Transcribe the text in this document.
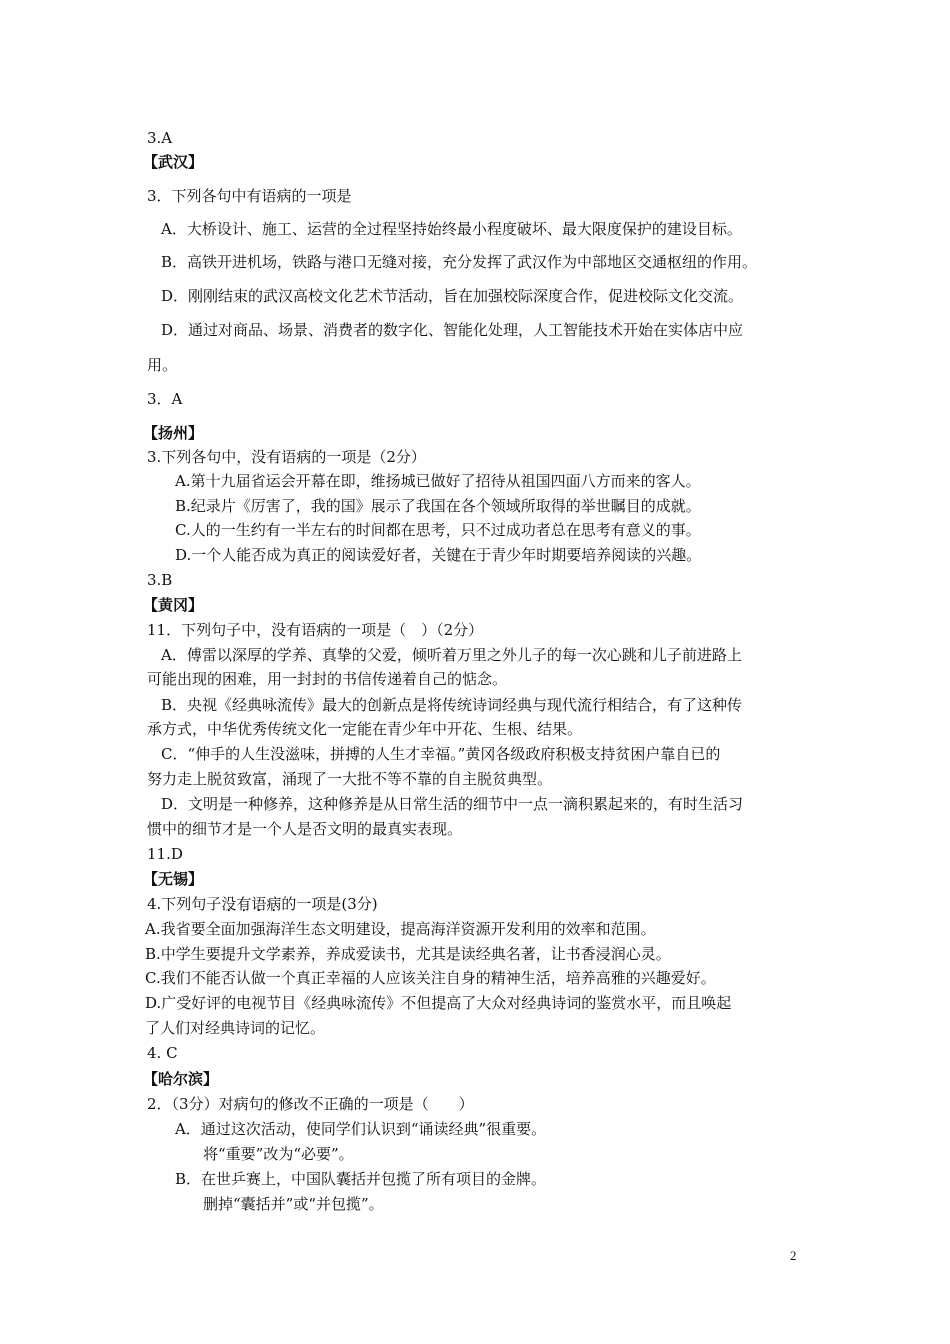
3.A
【武汉】
3．下列各句中有语病的一项是
A．大桥设计、施工、运营的全过程坚持始终最小程度破坏、最大限度保护的建设目标。
B．高铁开进机场，铁路与港口无缝对接，充分发挥了武汉作为中部地区交通枢纽的作用。
D．刚刚结束的武汉高校文化艺术节活动，旨在加强校际深度合作，促进校际文化交流。
D．通过对商品、场景、消费者的数字化、智能化处理，人工智能技术开始在实体店中应
用。
3．A
【扬州】
3.下列各句中，没有语病的一项是（2分）
A.第十九届省运会开幕在即，维扬城已做好了招待从祖国四面八方而来的客人。
B.纪录片《厉害了，我的国》展示了我国在各个领域所取得的举世瞩目的成就。
C.人的一生约有一半左右的时间都在思考，只不过成功者总在思考有意义的事。
D.一个人能否成为真正的阅读爱好者，关键在于青少年时期要培养阅读的兴趣。
3.B
【黄冈】
11．下列句子中，没有语病的一项是（　）（2分）
A．傅雷以深厚的学养、真挚的父爱，倾听着万里之外儿子的每一次心跳和儿子前进路上
可能出现的困难，用一封封的书信传递着自己的惦念。
B．央视《经典咏流传》最大的创新点是将传统诗词经典与现代流行相结合，有了这种传
承方式，中华优秀传统文化一定能在青少年中开花、生根、结果。
C．“伸手的人生没滋味，拼搏的人生才幸福。”黄冈各级政府积极支持贫困户靠自已的
努力走上脱贫致富，涌现了一大批不等不靠的自主脱贫典型。
D．文明是一种修养，这种修养是从日常生活的细节中一点一滴积累起来的，有时生活习
惯中的细节才是一个人是否文明的最真实表现。
11.D
【无锡】
4.下列句子没有语病的一项是(3分)
A.我省要全面加强海洋生态文明建设，提高海洋资源开发利用的效率和范围。
B.中学生要提升文学素养，养成爱读书，尤其是读经典名著，让书香浸润心灵。
C.我们不能否认做一个真正幸福的人应该关注自身的精神生活，培养高雅的兴趣爱好。
D.广受好评的电视节目《经典咏流传》不但提高了大众对经典诗词的鉴赏水平，而且唤起
了人们对经典诗词的记忆。
4. C
【哈尔滨】
2．（3分）对病句的修改不正确的一项是（　　）
A．通过这次活动，使同学们认识到“诵读经典”很重要。
将“重要”改为“必要”。
B．在世乒赛上，中国队囊括并包揽了所有项目的金牌。
删掉“囊括并”或“并包揽”。
2
